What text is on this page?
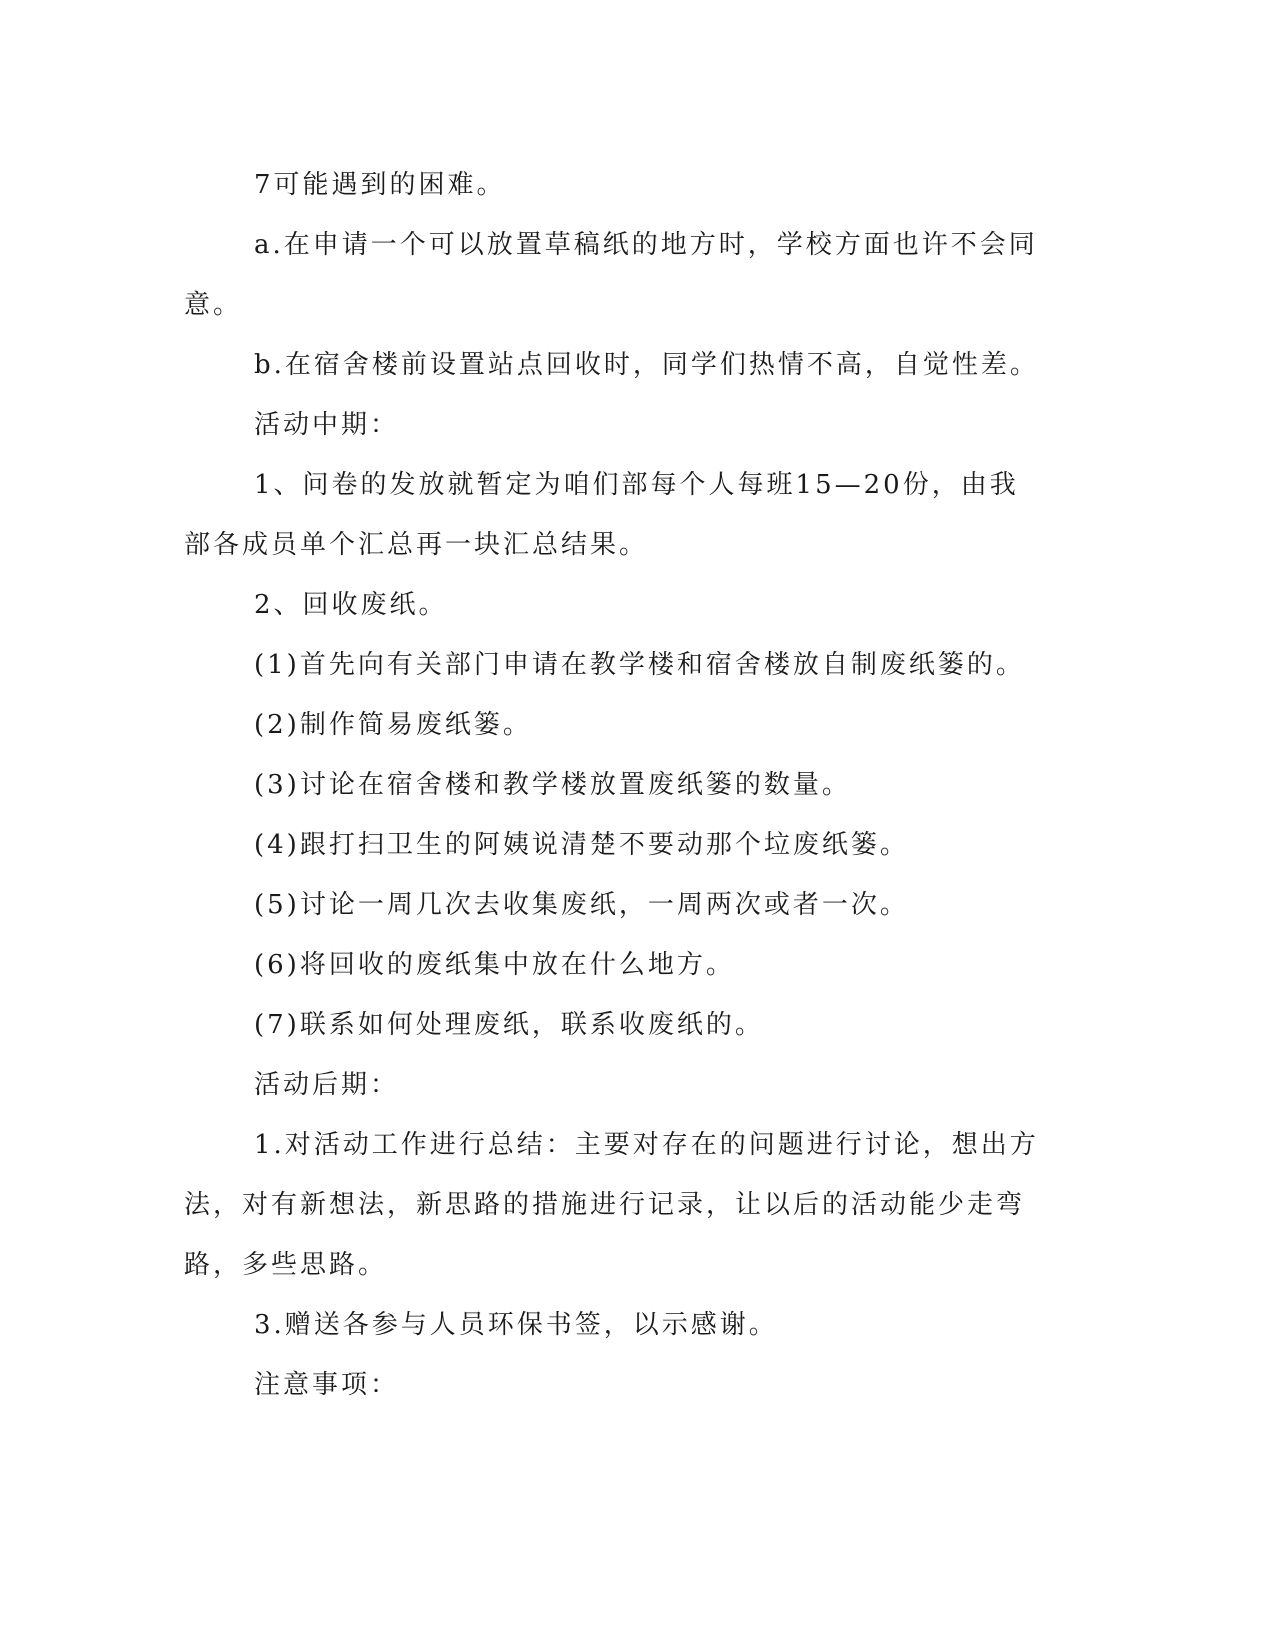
7可能遇到的困难。

a.在申请一个可以放置草稿纸的地方时，学校方面也许不会同意。

b.在宿舍楼前设置站点回收时，同学们热情不高，自觉性差。

活动中期：

1、问卷的发放就暂定为咱们部每个人每班15—20份，由我部各成员单个汇总再一块汇总结果。

2、回收废纸。

(1)首先向有关部门申请在教学楼和宿舍楼放自制废纸篓的。

(2)制作简易废纸篓。

(3)讨论在宿舍楼和教学楼放置废纸篓的数量。

(4)跟打扫卫生的阿姨说清楚不要动那个垃废纸篓。

(5)讨论一周几次去收集废纸，一周两次或者一次。

(6)将回收的废纸集中放在什么地方。

(7)联系如何处理废纸，联系收废纸的。

活动后期：

1.对活动工作进行总结：主要对存在的问题进行讨论，想出方法，对有新想法，新思路的措施进行记录，让以后的活动能少走弯路，多些思路。

3.赠送各参与人员环保书签，以示感谢。

注意事项：
